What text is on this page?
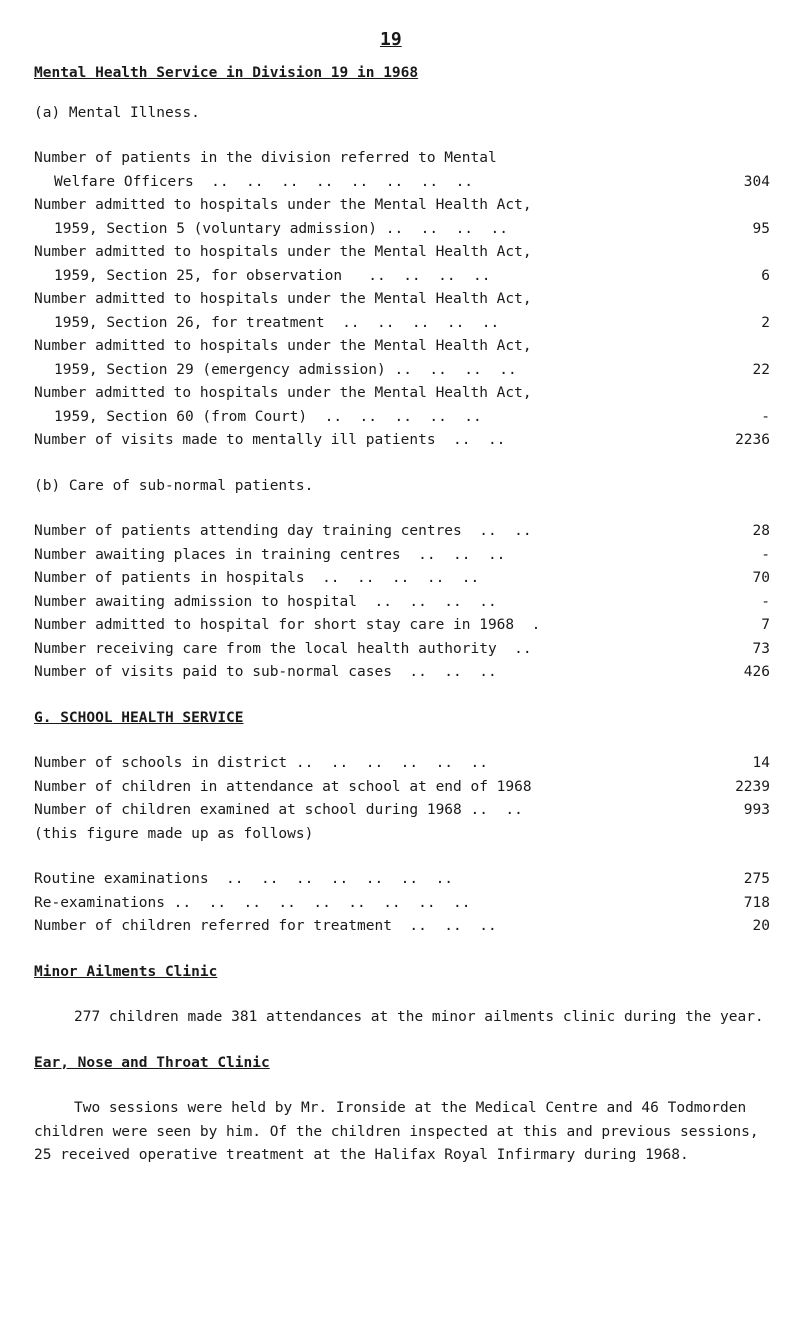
19
Mental Health Service in Division 19 in 1968
(a) Mental Illness.
Number of patients in the division referred to Mental
Welfare Officers  ..  ..  ..  ..  ..  ..  ..  ..	304
Number admitted to hospitals under the Mental Health Act,
1959, Section 5 (voluntary admission) ..  ..  ..  ..	95
Number admitted to hospitals under the Mental Health Act,
1959, Section 25, for observation   ..  ..  ..  ..	6
Number admitted to hospitals under the Mental Health Act,
1959, Section 26, for treatment  ..  ..  ..  ..  ..	2
Number admitted to hospitals under the Mental Health Act,
1959, Section 29 (emergency admission) ..  ..  ..  ..	22
Number admitted to hospitals under the Mental Health Act,
1959, Section 60 (from Court)  ..  ..  ..  ..  ..	-
Number of visits made to mentally ill patients  ..  ..	2236
(b) Care of sub-normal patients.
Number of patients attending day training centres  ..  ..	28
Number awaiting places in training centres  ..  ..  ..	-
Number of patients in hospitals  ..  ..  ..  ..  ..	70
Number awaiting admission to hospital  ..  ..  ..  ..	-
Number admitted to hospital for short stay care in 1968  .	7
Number receiving care from the local health authority  ..	73
Number of visits paid to sub-normal cases  ..  ..  ..	426
G. SCHOOL HEALTH SERVICE
Number of schools in district ..  ..  ..  ..  ..  ..	14
Number of children in attendance at school at end of 1968	2239
Number of children examined at school during 1968 ..  ..	993
(this figure made up as follows)
Routine examinations  ..  ..  ..  ..  ..  ..  ..	275
Re-examinations ..  ..  ..  ..  ..  ..  ..  ..  ..	718
Number of children referred for treatment  ..  ..  ..	20
Minor Ailments Clinic
277 children made 381 attendances at the minor ailments clinic during the year.
Ear, Nose and Throat Clinic
Two sessions were held by Mr. Ironside at the Medical Centre and 46 Todmorden children were seen by him. Of the children inspected at this and previous sessions, 25 received operative treatment at the Halifax Royal Infirmary during 1968.
